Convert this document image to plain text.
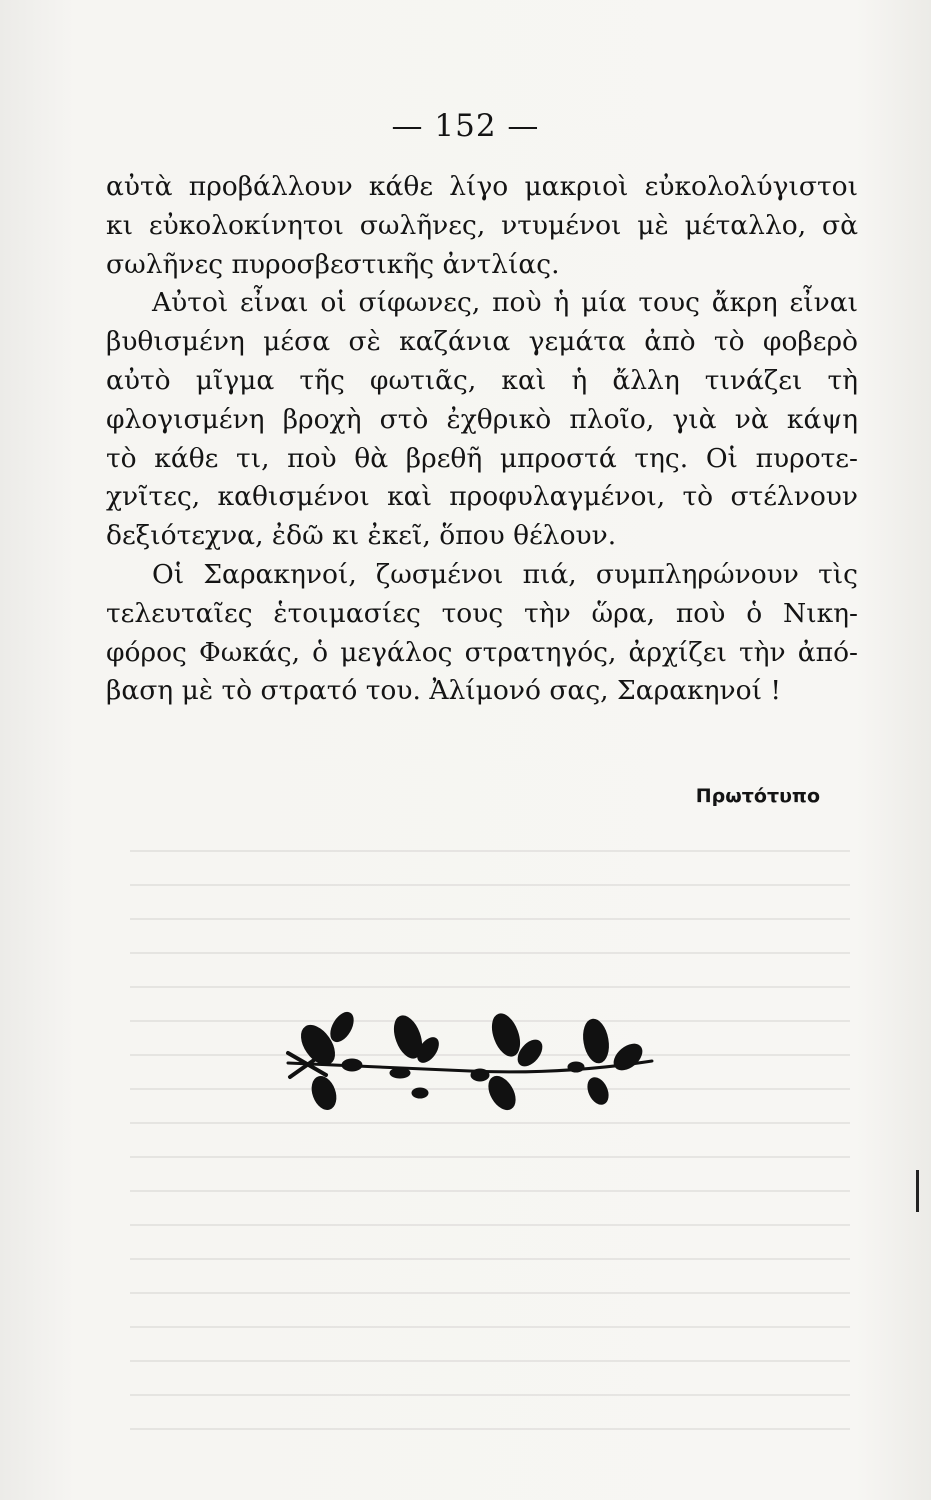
— 152 —
αὐτὰ προβάλλουν κάθε λίγο μακριοὶ εὐκολολύγιστοι
κι εὐκολοκίνητοι σωλῆνες, ντυμένοι μὲ μέταλλο, σὰ
σωλῆνες πυροσβεστικῆς ἀντλίας.
Αὐτοὶ εἶναι οἱ σίφωνες, ποὺ ἡ μία τους ἄκρη εἶναι
βυθισμένη μέσα σὲ καζάνια γεμάτα ἀπὸ τὸ φοβερὸ
αὐτὸ μῖγμα τῆς φωτιᾶς, καὶ ἡ ἄλλη τινάζει τὴ
φλογισμένη βροχὴ στὸ ἐχθρικὸ πλοῖο, γιὰ νὰ κάψη
τὸ κάθε τι, ποὺ θὰ βρεθῆ μπροστά της. Οἱ πυροτε-
χνῖτες, καθισμένοι καὶ προφυλαγμένοι, τὸ στέλνουν
δεξιότεχνα, ἐδῶ κι ἐκεῖ, ὅπου θέλουν.
Οἱ Σαρακηνοί, ζωσμένοι πιά, συμπληρώνουν τὶς
τελευταῖες ἑτοιμασίες τους τὴν ὥρα, ποὺ ὁ Νικη-
φόρος Φωκάς, ὁ μεγάλος στρατηγός, ἀρχίζει τὴν ἀπό-
βαση μὲ τὸ στρατό του. Ἀλίμονό σας, Σαρακηνοί !
Πρωτότυπο
